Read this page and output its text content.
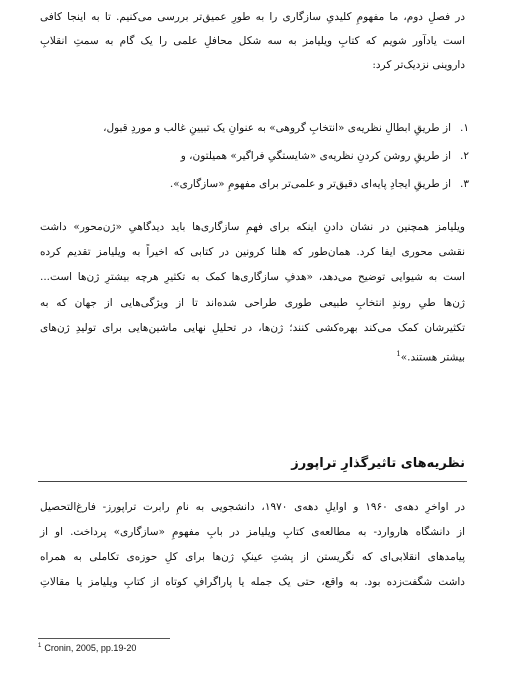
در فصلِ دوم، ما مفهومِ کلیدیِ سازگاری را به طورِ عمیق‌تر بررسی می‌کنیم. تا به اینجا کافی
است یادآور شویم که کتابِ ویلیامز به سه شکل محافلِ علمی را یک گام به سمتِ انقلابِ
داروینی نزدیک‌تر کرد:
۱.
از طریقِ ابطالِ نظریه‌ی «انتخابِ گروهی» به عنوانِ یک تبیینِ غالب و موردِ قبول،
۲.
از طریقِ روشن کردنِ نظریه‌ی «شایستگیِ فراگیر» همیلتون، و
۳.
از طریقِ ایجادِ پایه‌ای دقیق‌تر و علمی‌تر برای مفهومِ «سازگاری».
ویلیامز همچنین در نشان دادنِ اینکه برای فهمِ سازگاری‌ها باید دیدگاهیِ «ژن‌محور» داشت
نقشی محوری ایفا کرد. همان‌طور که هلنا کرونین در کتابی که اخیراً به ویلیامز تقدیم کرده
است به شیوایی توضیح می‌دهد، «هدفِ سازگاری‌ها کمک به تکثیرِ هرچه بیشترِ ژن‌ها است...
ژن‌ها طیِ روندِ انتخابِ طبیعی طوری طراحی شده‌اند تا از ویژگی‌هایی از جهان که به
تکثیرشان کمک می‌کند بهره‌کشی کنند؛ ژن‌ها، در تحلیلِ نهایی ماشین‌هایی برای تولیدِ ژن‌های
بیشتر هستند.»$^1$
نظریه‌های تاثیرگذارِ تراپورز
در اواخرِ دهه‌ی ۱۹۶۰ و اوایلِ دهه‌ی ۱۹۷۰، دانشجویی به نامِ رابرت تراپورز- فارغ‌التحصیل
از دانشگاه هاروارد- به مطالعه‌ی کتابِ ویلیامز در بابِ مفهومِ «سازگاری» پرداخت. او از
پیامدهای انقلابی‌ای که نگریستن از پشتِ عینکِ ژن‌ها برای کلِ حوزه‌ی تکاملی به همراه
داشت شگفت‌زده بود. به واقع، حتی یک جمله یا پاراگرافِ کوتاه از کتابِ ویلیامز یا مقالاتِ
$^1$ Cronin, 2005, pp.19-20
